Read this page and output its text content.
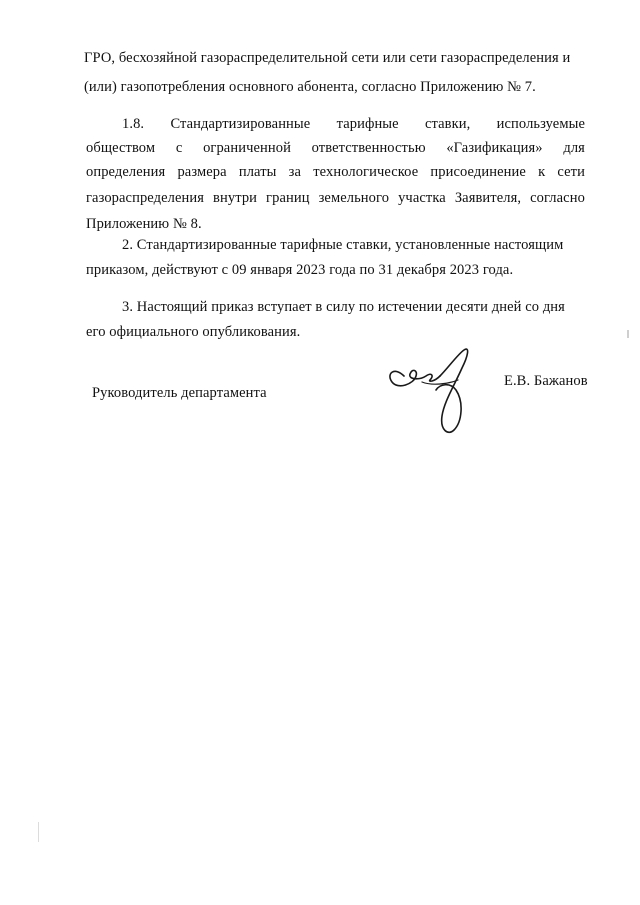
ГРО, бесхозяйной газораспределительной сети или сети газораспределения и
(или) газопотребления основного абонента, согласно Приложению № 7.
1.8. Стандартизированные тарифные ставки, используемые
обществом с ограниченной ответственностью «Газификация» для
определения размера платы за технологическое присоединение к сети
газораспределения внутри границ земельного участка Заявителя, согласно
Приложению № 8.
2. Стандартизированные тарифные ставки, установленные настоящим
приказом, действуют с 09 января 2023 года по 31 декабря 2023 года.
3. Настоящий приказ вступает в силу по истечении десяти дней со дня
его официального опубликования.
Руководитель департамента
Е.В. Бажанов
